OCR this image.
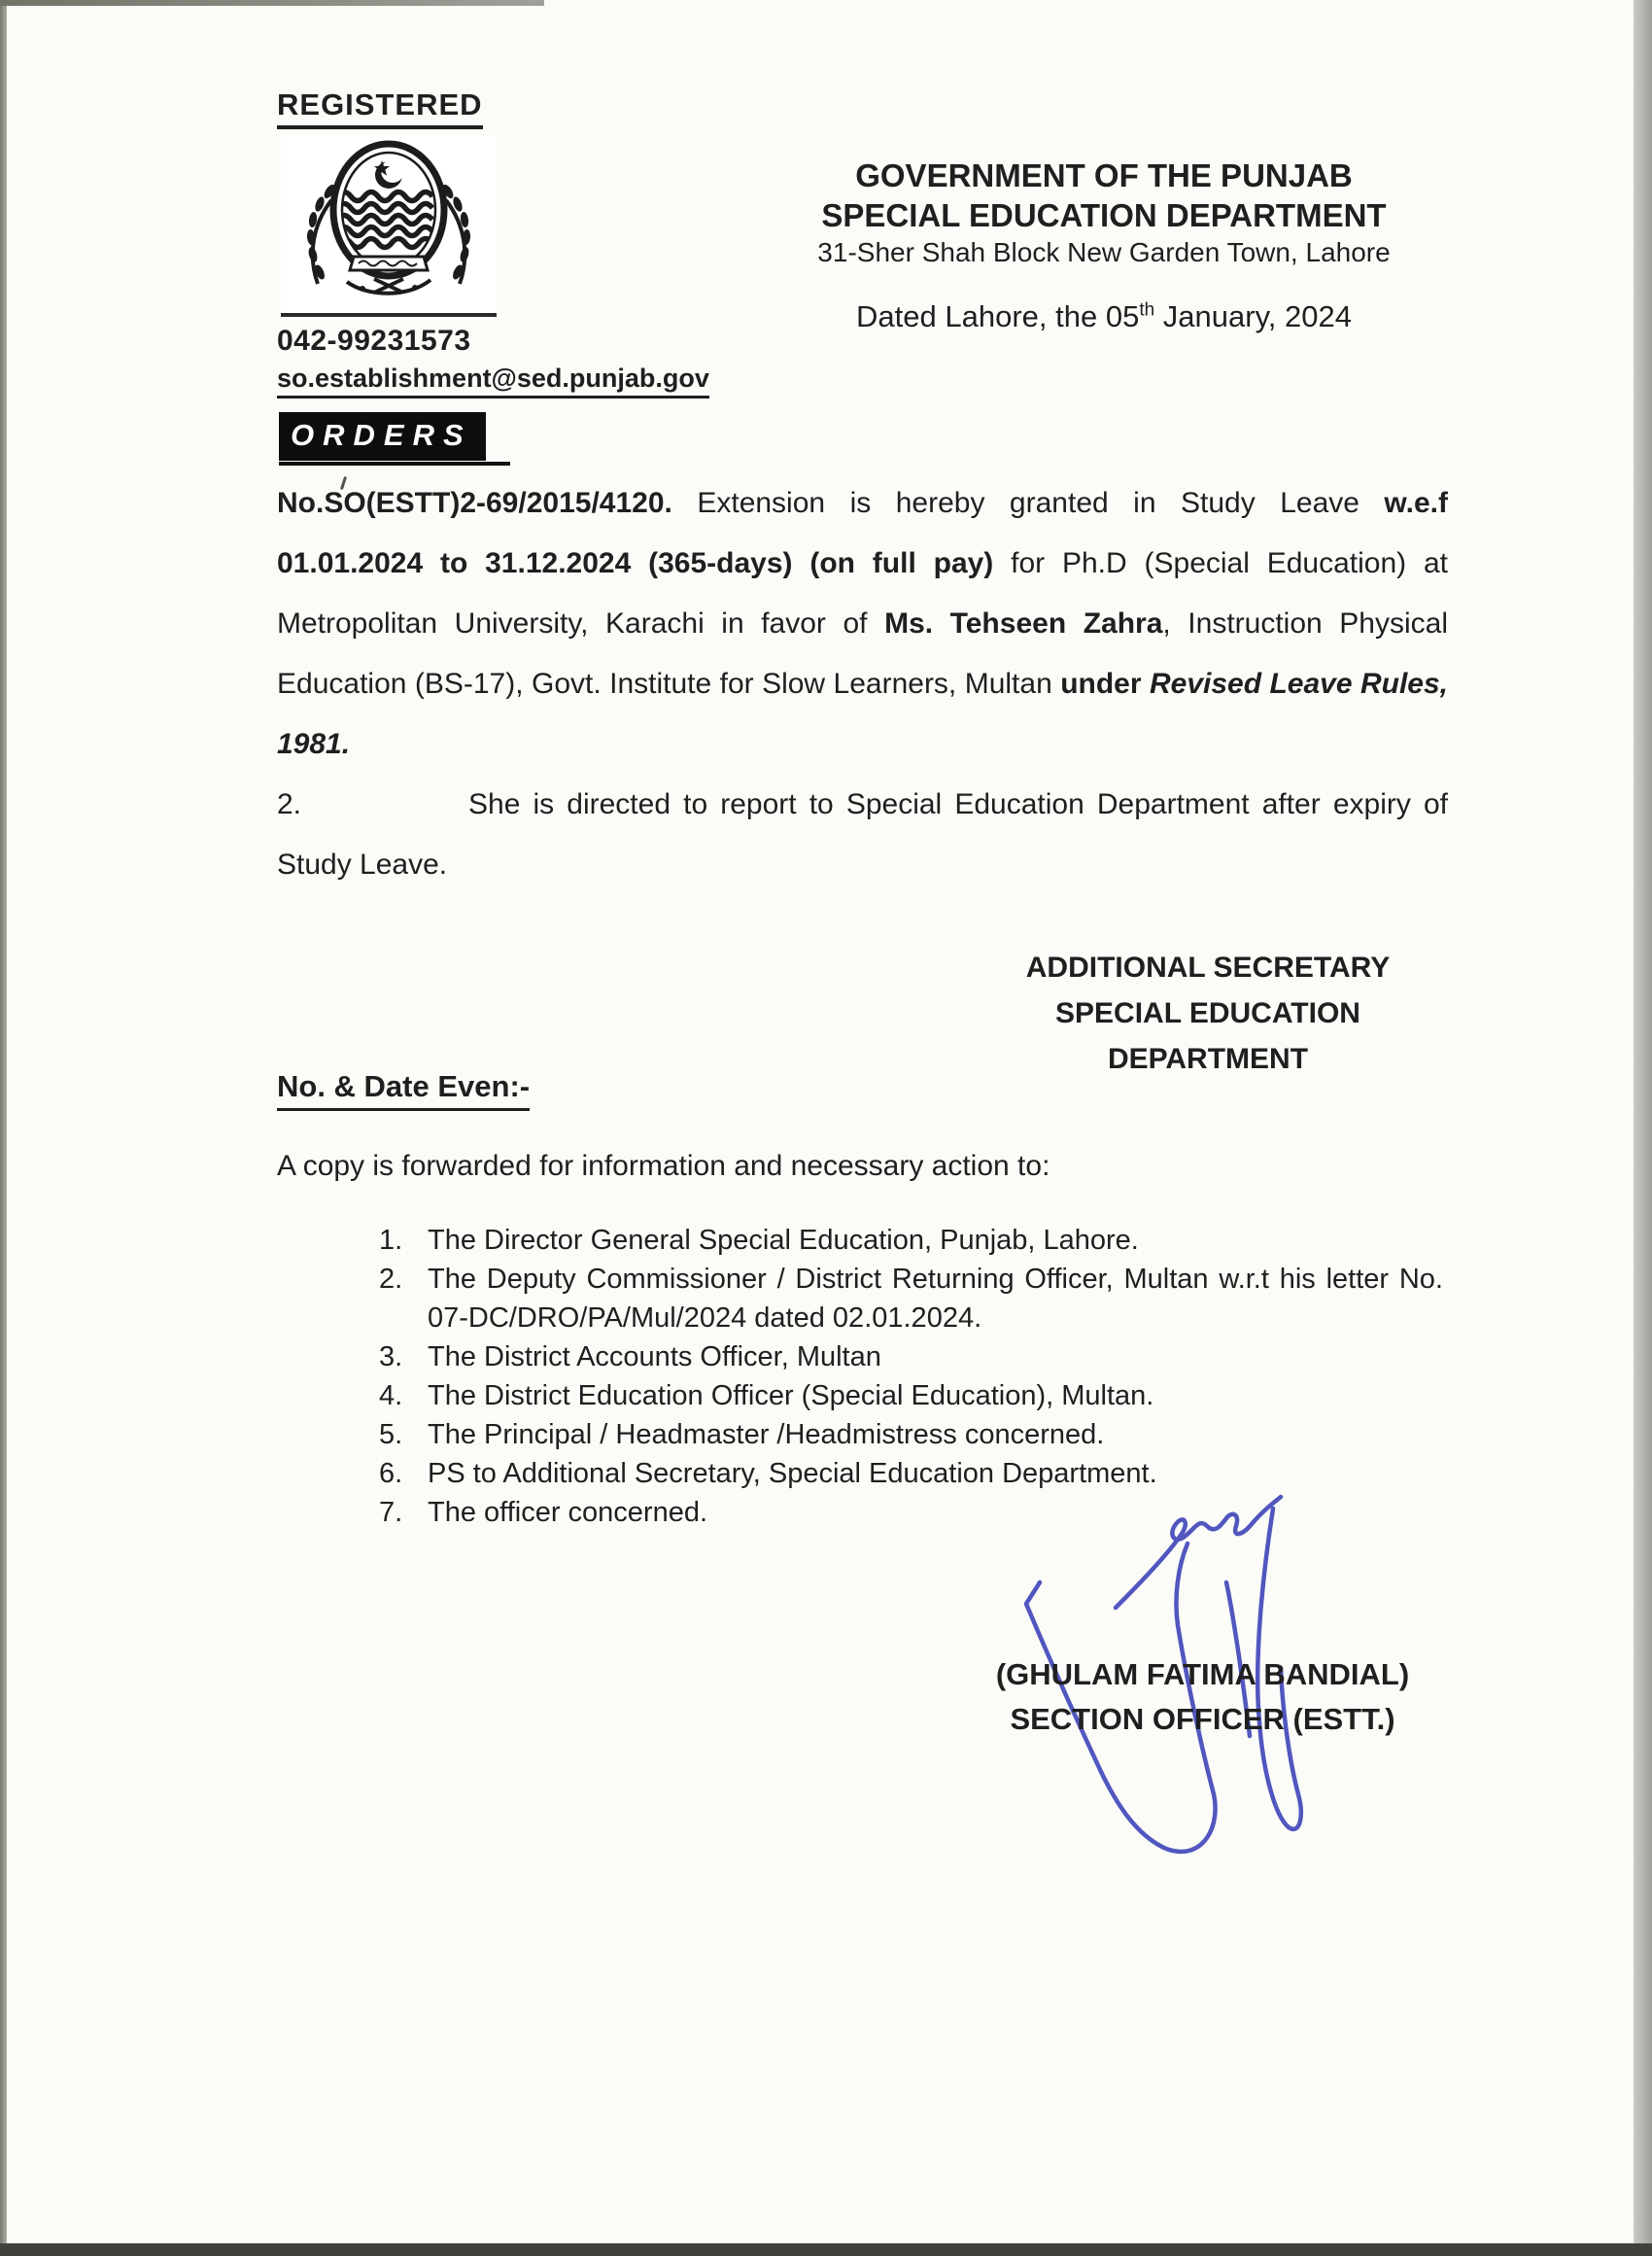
REGISTERED
042-99231573
so.establishment@sed.punjab.gov
GOVERNMENT OF THE PUNJAB
SPECIAL EDUCATION DEPARTMENT
31-Sher Shah Block New Garden Town, Lahore
Dated Lahore, the 05th January, 2024
ORDERS
No.SO(ESTT)2-69/2015/4120. Extension is hereby granted in Study Leave w.e.f 01.01.2024 to 31.12.2024 (365-days) (on full pay) for Ph.D (Special Education) at Metropolitan University, Karachi in favor of Ms. Tehseen Zahra, Instruction Physical Education (BS-17), Govt. Institute for Slow Learners, Multan under Revised Leave Rules, 1981.
2.	She is directed to report to Special Education Department after expiry of Study Leave.
ADDITIONAL SECRETARY
SPECIAL EDUCATION
DEPARTMENT
No. & Date Even:-
A copy is forwarded for information and necessary action to:
1. The Director General Special Education, Punjab, Lahore.
2. The Deputy Commissioner / District Returning Officer, Multan w.r.t his letter No. 07-DC/DRO/PA/Mul/2024 dated 02.01.2024.
3. The District Accounts Officer, Multan
4. The District Education Officer (Special Education), Multan.
5. The Principal / Headmaster /Headmistress concerned.
6. PS to Additional Secretary, Special Education Department.
7. The officer concerned.
(GHULAM FATIMA BANDIAL)
SECTION OFFICER (ESTT.)
